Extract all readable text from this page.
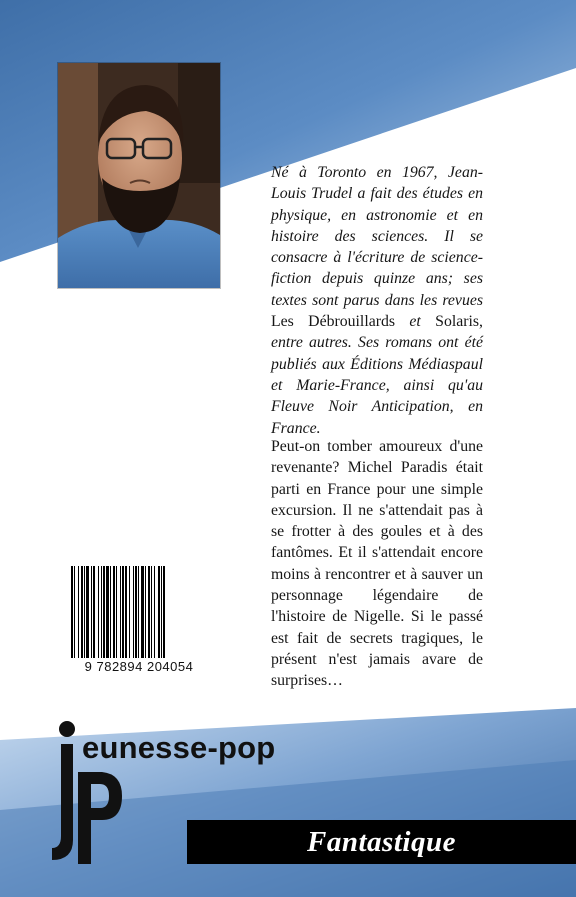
Né à Toronto en 1967, Jean-Louis Trudel a fait des études en physique, en astronomie et en histoire des sciences. Il se consacre à l'écriture de science-fiction depuis quinze ans; ses textes sont parus dans les revues Les Débrouillards et Solaris, entre autres. Ses romans ont été publiés aux Éditions Médiaspaul et Marie-France, ainsi qu'au Fleuve Noir Anticipation, en France.

Peut-on tomber amoureux d'une revenante? Michel Paradis était parti en France pour une simple excursion. Il ne s'attendait pas à se frotter à des goules et à des fantômes. Et il s'attendait encore moins à rencontrer et à sauver un personnage légendaire de l'histoire de Nigelle. Si le passé est fait de secrets tragiques, le présent n'est jamais avare de surprises…

9 782894 204054
eunesse-pop
Fantastique
